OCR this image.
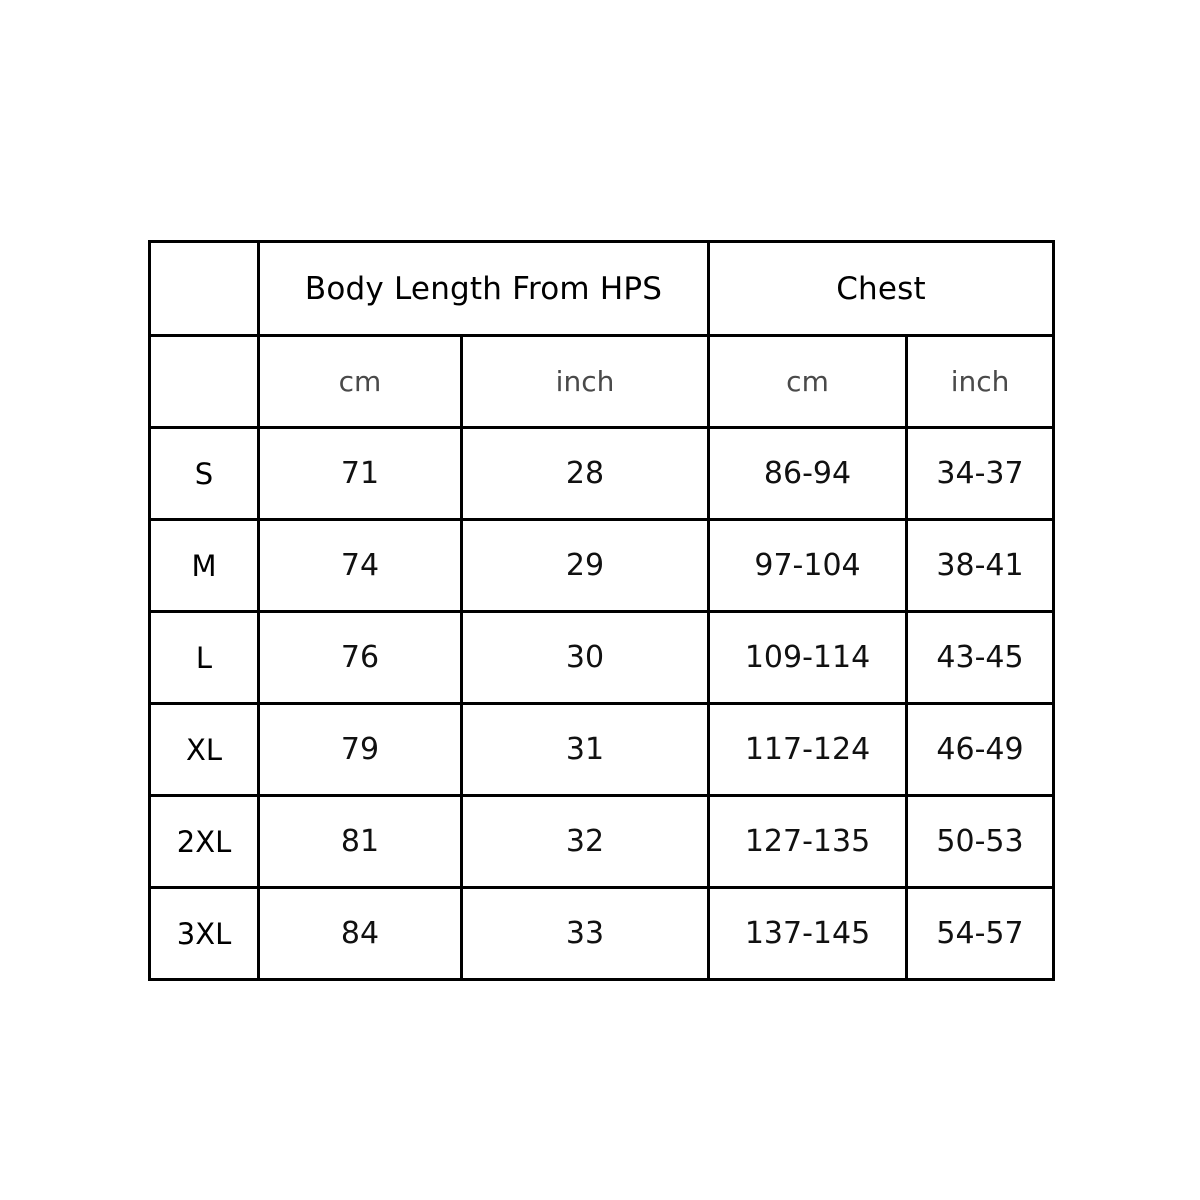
	Body Length From HPS		Chest	
	cm	inch	cm	inch
S	71	28	86-94	34-37
M	74	29	97-104	38-41
L	76	30	109-114	43-45
XL	79	31	117-124	46-49
2XL	81	32	127-135	50-53
3XL	84	33	137-145	54-57
